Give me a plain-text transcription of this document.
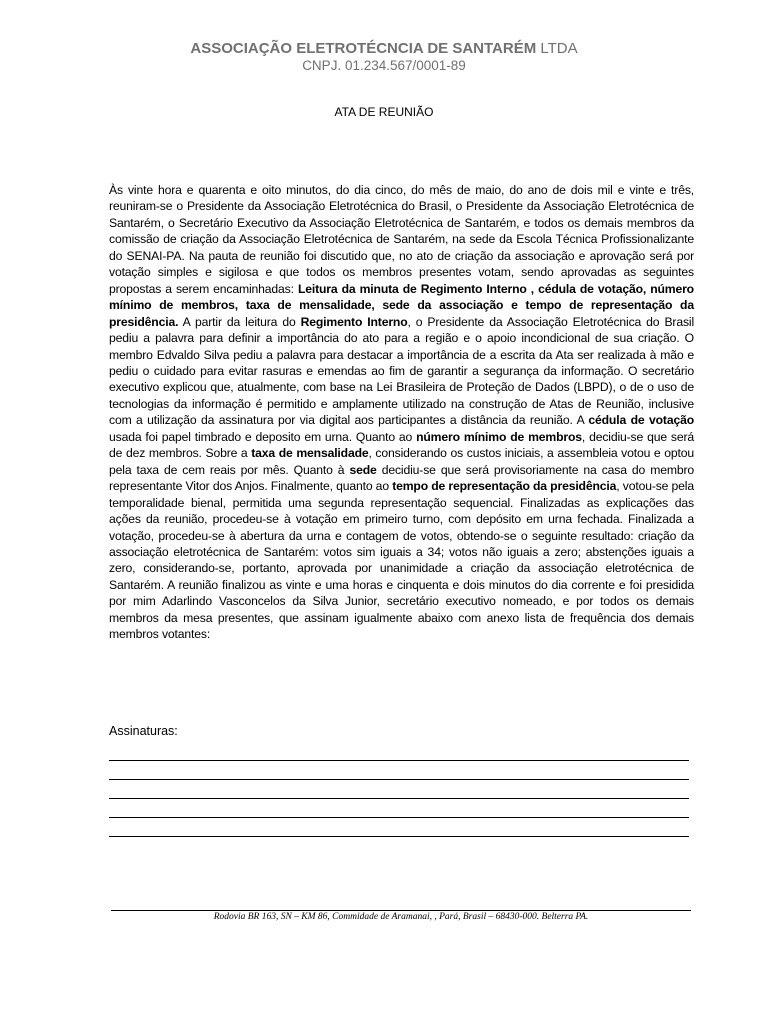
ASSOCIAÇÃO ELETROTÉCNCIA DE SANTARÉM LTDA
CNPJ. 01.234.567/0001-89
ATA DE REUNIÃO
Às vinte hora e quarenta e oito minutos, do dia cinco, do mês de maio, do ano de dois mil e vinte e três, reuniram-se o Presidente da Associação Eletrotécnica do Brasil, o Presidente da Associação Eletrotécnica de Santarém, o Secretário Executivo da Associação Eletrotécnica de Santarém, e todos os demais membros da comissão de criação da Associação Eletrotécnica de Santarém, na sede da Escola Técnica Profissionalizante do SENAI-PA. Na pauta de reunião foi discutido que, no ato de criação da associação e aprovação será por votação simples e sigilosa e que todos os membros presentes votam, sendo aprovadas as seguintes propostas a serem encaminhadas: Leitura da minuta de Regimento Interno , cédula de votação, número mínimo de membros, taxa de mensalidade, sede da associação e tempo de representação da presidência. A partir da leitura do Regimento Interno, o Presidente da Associação Eletrotécnica do Brasil pediu a palavra para definir a importância do ato para a região e o apoio incondicional de sua criação. O membro Edvaldo Silva pediu a palavra para destacar a importância de a escrita da Ata ser realizada à mão e pediu o cuidado para evitar rasuras e emendas ao fim de garantir a segurança da informação. O secretário executivo explicou que, atualmente, com base na Lei Brasileira de Proteção de Dados (LBPD), o de o uso de tecnologias da informação é permitido e amplamente utilizado na construção de Atas de Reunião, inclusive com a utilização da assinatura por via digital aos participantes a distância da reunião. A cédula de votação usada foi papel timbrado e deposito em urna. Quanto ao número mínimo de membros, decidiu-se que será de dez membros. Sobre a taxa de mensalidade, considerando os custos iniciais, a assembleia votou e optou pela taxa de cem reais por mês. Quanto à sede decidiu-se que será provisoriamente na casa do membro representante Vitor dos Anjos. Finalmente, quanto ao tempo de representação da presidência, votou-se pela temporalidade bienal, permitida uma segunda representação sequencial. Finalizadas as explicações das ações da reunião, procedeu-se à votação em primeiro turno, com depósito em urna fechada. Finalizada a votação, procedeu-se à abertura da urna e contagem de votos, obtendo-se o seguinte resultado: criação da associação eletrotécnica de Santarém: votos sim iguais a 34; votos não iguais a zero; abstenções iguais a zero, considerando-se, portanto, aprovada por unanimidade a criação da associação eletrotécnica de Santarém. A reunião finalizou as vinte e uma horas e cinquenta e dois minutos do dia corrente e foi presidida por mim Adarlindo Vasconcelos da Silva Junior, secretário executivo nomeado, e por todos os demais membros da mesa presentes, que assinam igualmente abaixo com anexo lista de frequência dos demais membros votantes:
Assinaturas:
Rodovia BR 163, SN – KM 86, Commidade de Aramanai, , Pará, Brasil – 68430-000. Belterra PA.
